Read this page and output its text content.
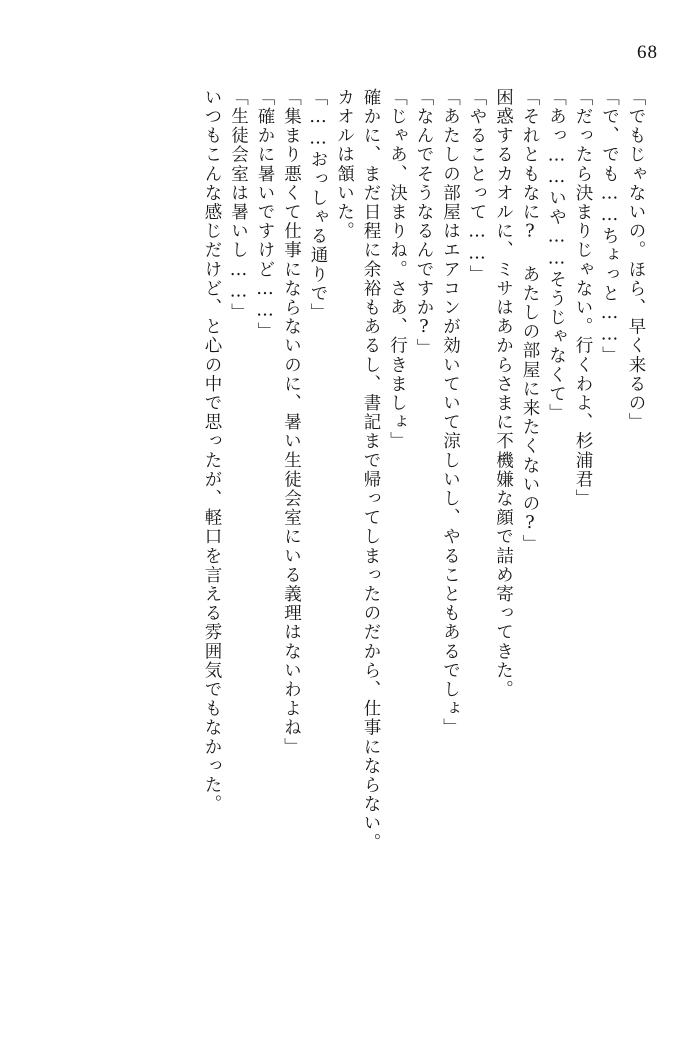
68
いつもこんな感じだけど、と心の中で思ったが、軽口を言える雰囲気でもなかった。 「生徒会室は暑いし……」 「確かに暑いですけど……」 「集まり悪くて仕事にならないのに、暑い生徒会室にいる義理はないわよね」 「……おっしゃる通りで」 カオルは頷いた。 確かに、まだ日程に余裕もあるし、書記まで帰ってしまったのだから、仕事にならない。 「じゃあ、決まりね。さあ、行きましょ」 「なんでそうなるんですか?」 「あたしの部屋はエアコンが効いていて涼しいし、やることもあるでしょ」 「やることって……」 困惑するカオルに、ミサはあからさまに不機嫌な顔で詰め寄ってきた。 「それともなに? あたしの部屋に来たくないの?」 「あっ……いや……そうじゃなくて」 「だったら決まりじゃない。行くわよ、杉浦君」 「で、でも……ちょっと……」 「でもじゃないの。ほら、早く来るの」
